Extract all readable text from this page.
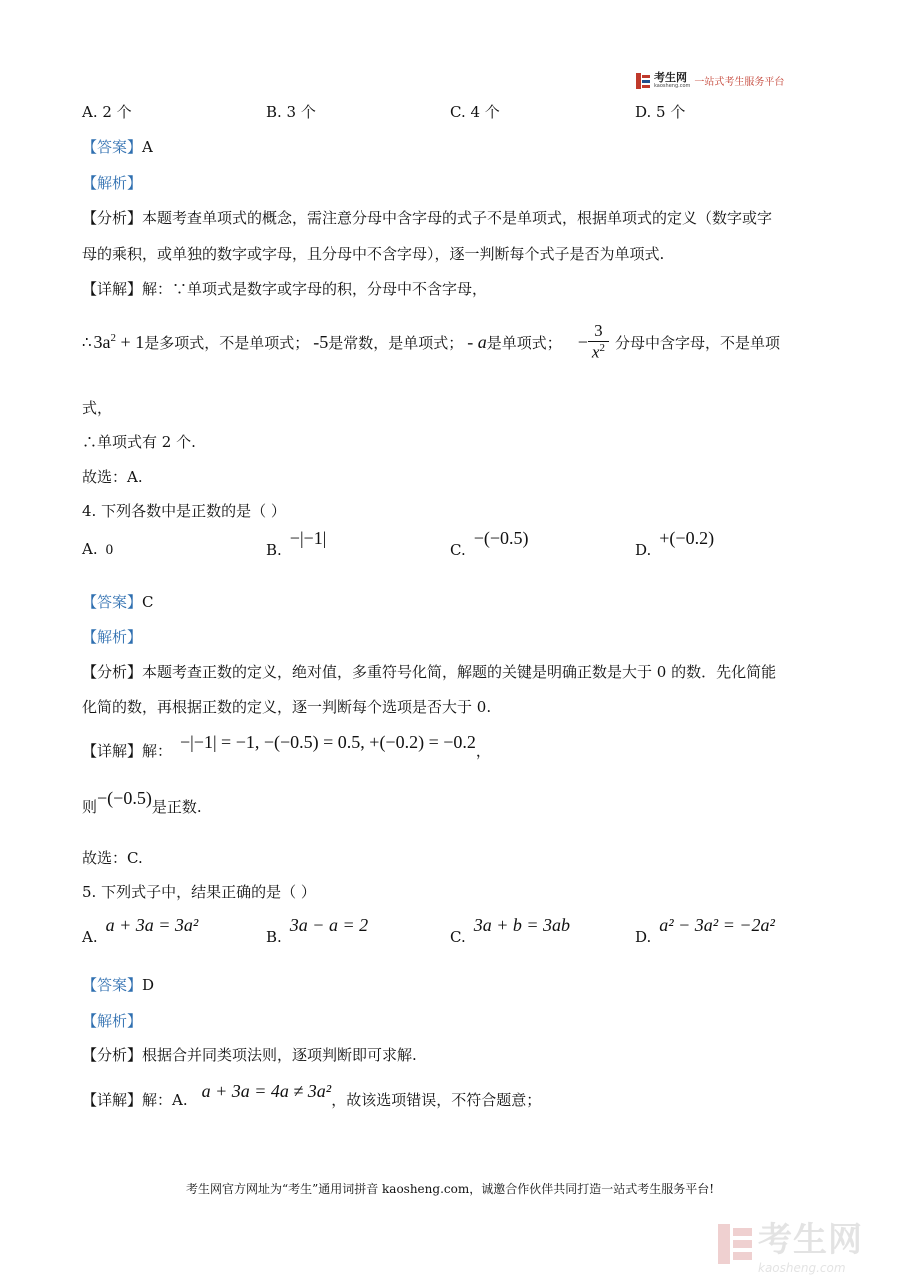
考生网
kaosheng.com 一站式考生服务平台
A. 2 个	B. 3 个	C. 4 个	D. 5 个
【答案】A
【解析】
【分析】本题考查单项式的概念，需注意分母中含字母的式子不是单项式，根据单项式的定义（数字或字
母的乘积，或单独的数字或字母，且分母中不含字母），逐一判断每个式子是否为单项式.
【详解】解：∵单项式是数字或字母的积，分母中不含字母，
∴ $3a^2 + 1$ 是多项式，不是单项式； -5 是常数，是单项式； - a 是单项式； − $\frac{3}{x^2}$ 分母中含字母，不是单项
式，
∴单项式有 2 个.
故选：A.
4. 下列各数中是正数的是（ ）
A. 0	B.
−|−1|
C.
−(−0.5)
D.
+(−0.2)
【答案】C
【解析】
【分析】本题考查正数的定义，绝对值，多重符号化简，解题的关键是明确正数是大于 0 的数．先化简能
化简的数，再根据正数的定义，逐一判断每个选项是否大于 0.
【详解】 解： −|−1| = −1, −(−0.5) = 0.5, +(−0.2) = −0.2 ，
则 −(−0.5) 是正数.
故选：C.
5. 下列式子中，结果正确的是（ ）
A.
a + 3a = 3a²
B.
3a − a = 2
C.
3a + b = 3ab
D.
a² − 3a² = −2a²
【答案】D
【解析】
【分析】根据合并同类项法则，逐项判断即可求解.
【详解】 解：A. a + 3a = 4a ≠ 3a² ，故该选项错误，不符合题意；
考生网官方网址为“考生”通用词拼音 kaosheng.com，诚邀合作伙伴共同打造一站式考生服务平台!
考生网
kaosheng.com
